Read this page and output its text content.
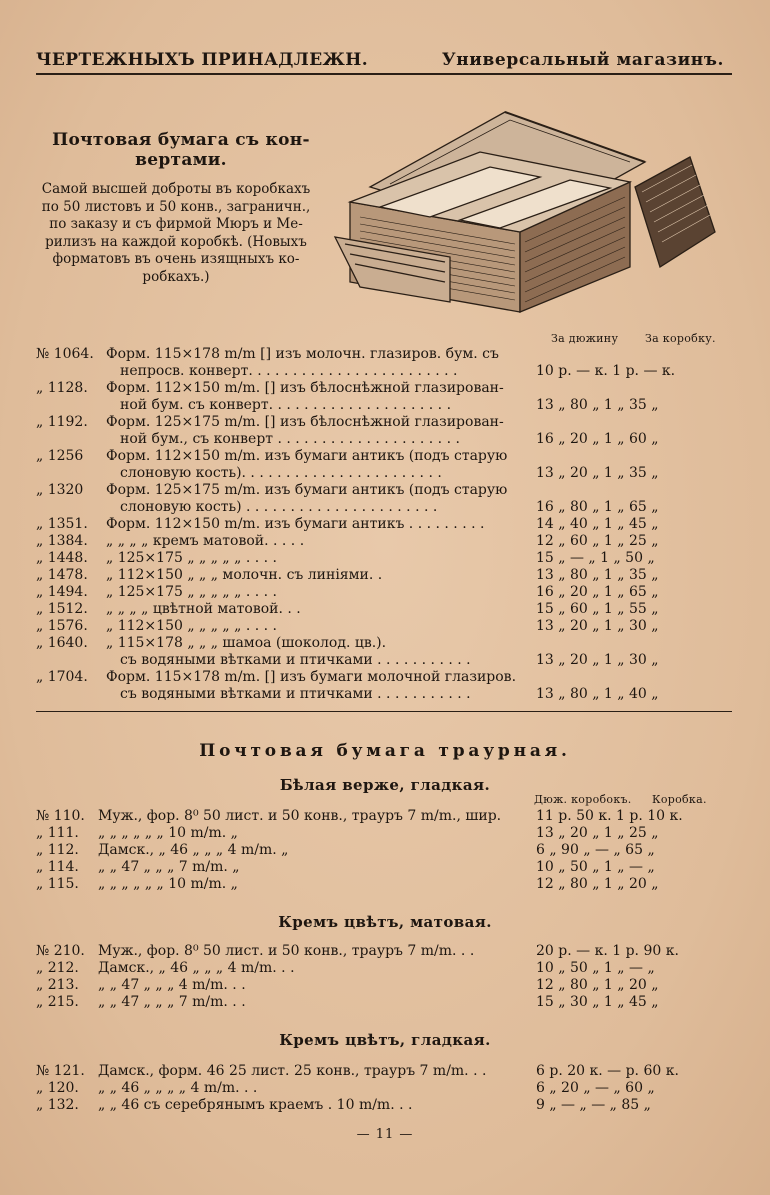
ЧЕРТЕЖНЫХЪ ПРИНАДЛЕЖН.	Универсальный магазинъ.
Почтовая бумага съ кон-
вертами.
Самой высшей доброты въ коробкахъ
по 50 листовъ и 50 конв., заграничн.,
по заказу и съ фирмой Мюръ и Ме-
рилизъ на каждой коробкѣ. (Новыхъ
форматовъ въ очень изящныхъ ко-
робкахъ.)
За дюжину За коробку.
№ 1064. Форм. 115×178 m/m [] изъ молочн. глазиров. бум. съ
непросв. конверт. . . . . . . . . . . . . . . . . . . . . . . .	10 р. — к. 1 р. — к.
„ 1128. Форм. 112×150 m/m. [] изъ бѣлоснѣжной глазирован-
ной бум. съ конверт. . . . . . . . . . . . . . . . . . . . .	13 „ 80 „ 1 „ 35 „
„ 1192. Форм. 125×175 m/m. [] изъ бѣлоснѣжной глазирован-
ной бум., съ конверт . . . . . . . . . . . . . . . . . . . . .	16 „ 20 „ 1 „ 60 „
„ 1256 Форм. 112×150 m/m. изъ бумаги антикъ (подъ старую
слоновую кость). . . . . . . . . . . . . . . . . . . . . . .	13 „ 20 „ 1 „ 35 „
„ 1320 Форм. 125×175 m/m. изъ бумаги антикъ (подъ старую
слоновую кость) . . . . . . . . . . . . . . . . . . . . . .	16 „ 80 „ 1 „ 65 „
„ 1351. Форм. 112×150 m/m. изъ бумаги антикъ . . . . . . . . .	14 „ 40 „ 1 „ 45 „
„ 1384. „ „ „ „ кремъ матовой. . . . .	12 „ 60 „ 1 „ 25 „
„ 1448. „ 125×175 „ „ „ „ „ . . . .	15 „ — „ 1 „ 50 „
„ 1478. „ 112×150 „ „ „ молочн. съ линіями. .	13 „ 80 „ 1 „ 35 „
„ 1494. „ 125×175 „ „ „ „ „ . . . .	16 „ 20 „ 1 „ 65 „
„ 1512. „ „ „ „ цвѣтной матовой. . .	15 „ 60 „ 1 „ 55 „
„ 1576. „ 112×150 „ „ „ „ „ . . . .	13 „ 20 „ 1 „ 30 „
„ 1640. „ 115×178 „ „ „ шамоа (шоколод. цв.).
съ водяными вѣтками и птичками . . . . . . . . . . .	13 „ 20 „ 1 „ 30 „
„ 1704. Форм. 115×178 m/m. [] изъ бумаги молочной глазиров.
съ водяными вѣтками и птичками . . . . . . . . . . .	13 „ 80 „ 1 „ 40 „
Почтовая бумага траурная.
Бѣлая верже, гладкая.
Дюж. коробокъ. Коробка.
№ 110. Муж., фор. 8⁰ 50 лист. и 50 конв., трауръ 7 m/m., шир. 11 р. 50 к. 1 р. 10 к.
„ 111. „ „ „ „ „ „ 10 m/m. „	13 „ 20 „ 1 „ 25 „
„ 112. Дамск., „ 46 „ „ „ 4 m/m. „	6 „ 90 „ — „ 65 „
„ 114. „ „ 47 „ „ „ 7 m/m. „	10 „ 50 „ 1 „ — „
„ 115. „ „ „ „ „ „ 10 m/m. „	12 „ 80 „ 1 „ 20 „
Кремъ цвѣтъ, матовая.
№ 210. Муж., фор. 8⁰ 50 лист. и 50 конв., трауръ 7 m/m. . .	20 р. — к. 1 р. 90 к.
„ 212. Дамск., „ 46 „ „ „ 4 m/m. . .	10 „ 50 „ 1 „ — „
„ 213. „ „ 47 „ „ „ 4 m/m. . .	12 „ 80 „ 1 „ 20 „
„ 215. „ „ 47 „ „ „ 7 m/m. . .	15 „ 30 „ 1 „ 45 „
Кремъ цвѣтъ, гладкая.
№ 121. Дамск., форм. 46 25 лист. 25 конв., трауръ 7 m/m. . .	6 р. 20 к. — р. 60 к.
„ 120. „ „ 46 „ „ „ „ 4 m/m. . .	6 „ 20 „ — „ 60 „
„ 132. „ „ 46 съ серебрянымъ краемъ . 10 m/m. . .	9 „ — „ — „ 85 „
— 11 —
